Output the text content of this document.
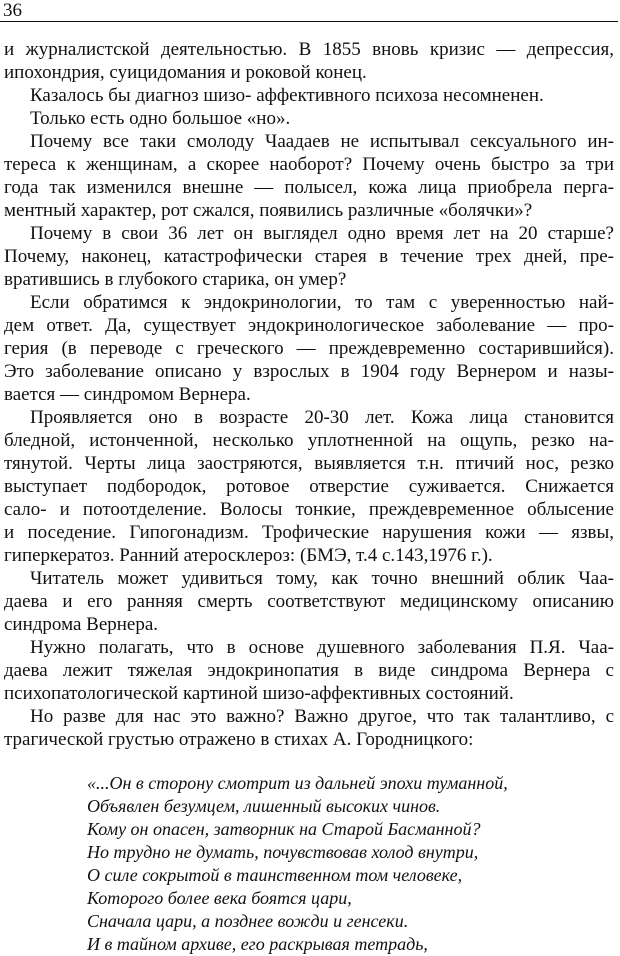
36
и журналистской деятельностью. В 1855 вновь кризис — депрессия,
ипохондрия, суицидомания и роковой конец.
Казалось бы диагноз шизо- аффективного психоза несомненен.
Только есть одно большое «но».
Почему все таки смолоду Чаадаев не испытывал сексуального ин-
тереса к женщинам, а скорее наоборот? Почему очень быстро за три
года так изменился внешне — полысел, кожа лица приобрела перга-
ментный характер, рот сжался, появились различные «болячки»?
Почему в свои 36 лет он выглядел одно время лет на 20 старше?
Почему, наконец, катастрофически старея в течение трех дней, пре-
вратившись в глубокого старика, он умер?
Если обратимся к эндокринологии, то там с уверенностью най-
дем ответ. Да, существует эндокринологическое заболевание — про-
герия (в переводе с греческого — преждевременно состарившийся).
Это заболевание описано у взрослых в 1904 году Вернером и назы-
вается — синдромом Вернера.
Проявляется оно в возрасте 20-30 лет. Кожа лица становится
бледной, истонченной, несколько уплотненной на ощупь, резко на-
тянутой. Черты лица заостряются, выявляется т.н. птичий нос, резко
выступает подбородок, ротовое отверстие суживается. Снижается
сало- и потоотделение. Волосы тонкие, преждевременное облысение
и поседение. Гипогонадизм. Трофические нарушения кожи — язвы,
гиперкератоз. Ранний атеросклероз: (БМЭ, т.4 с.143,1976 г.).
Читатель может удивиться тому, как точно внешний облик Чаа-
даева и его ранняя смерть соответствуют медицинскому описанию
синдрома Вернера.
Нужно полагать, что в основе душевного заболевания П.Я. Чаа-
даева лежит тяжелая эндокринопатия в виде синдрома Вернера с
психопатологической картиной шизо-аффективных состояний.
Но разве для нас это важно? Важно другое, что так талантливо, с
трагической грустью отражено в стихах А. Городницкого:
«...Он в сторону смотрит из дальней эпохи туманной,
Объявлен безумцем, лишенный высоких чинов.
Кому он опасен, затворник на Старой Басманной?
Но трудно не думать, почувствовав холод внутри,
О силе сокрытой в таинственном том человеке,
Которого более века боятся цари,
Сначала цари, а позднее вожди и генсеки.
И в тайном архиве, его раскрывая тетрадь,
